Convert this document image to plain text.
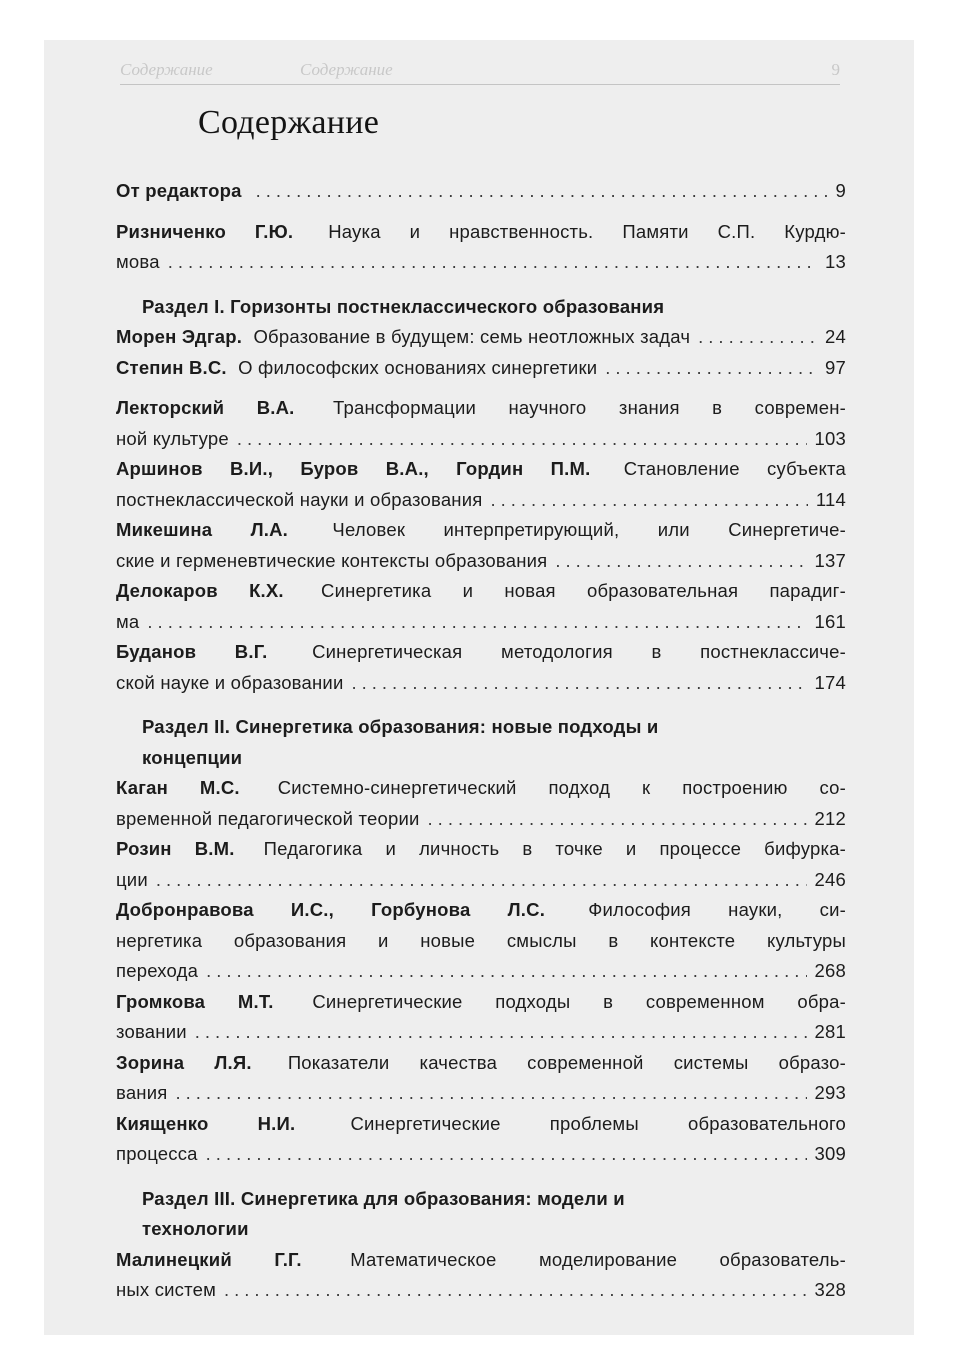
Содержание	Содержание	9
Содержание
От редактора .....	9
Ризниченко Г.Ю. Наука и нравственность. Памяти С.П. Курдю-
мова .....	13
Раздел I. Горизонты постнеклассического образования
Морен Эдгар. Образование в будущем: семь неотложных задач .....	24
Степин В.С. О философских основаниях синергетики .....	97
Лекторский В.А. Трансформации научного знания в современ-
ной культуре .....	103
Аршинов В.И., Буров В.А., Гордин П.М. Становление субъекта
постнеклассической науки и образования .....	114
Микешина Л.А. Человек интерпретирующий, или Синергетиче-
ские и герменевтические контексты образования .....	137
Делокаров К.Х. Синергетика и новая образовательная парадиг-
ма .....	161
Буданов В.Г. Синергетическая методология в постнеклассиче-
ской науке и образовании .....	174
Раздел II. Синергетика образования: новые подходы и
концепции
Каган М.С. Системно-синергетический подход к построению со-
временной педагогической теории .....	212
Розин В.М. Педагогика и личность в точке и процессе бифурка-
ции .....	246
Добронравова И.С., Горбунова Л.С. Философия науки, си-
нергетика образования и новые смыслы в контексте культуры
перехода .....	268
Громкова М.Т. Синергетические подходы в современном обра-
зовании .....	281
Зорина Л.Я. Показатели качества современной системы образо-
вания .....	293
Киященко Н.И.	Синергетические проблемы образовательного
процесса .....	309
Раздел III. Синергетика для образования: модели и
технологии
Малинецкий Г.Г.	Математическое моделирование образователь-
ных систем .....	328
